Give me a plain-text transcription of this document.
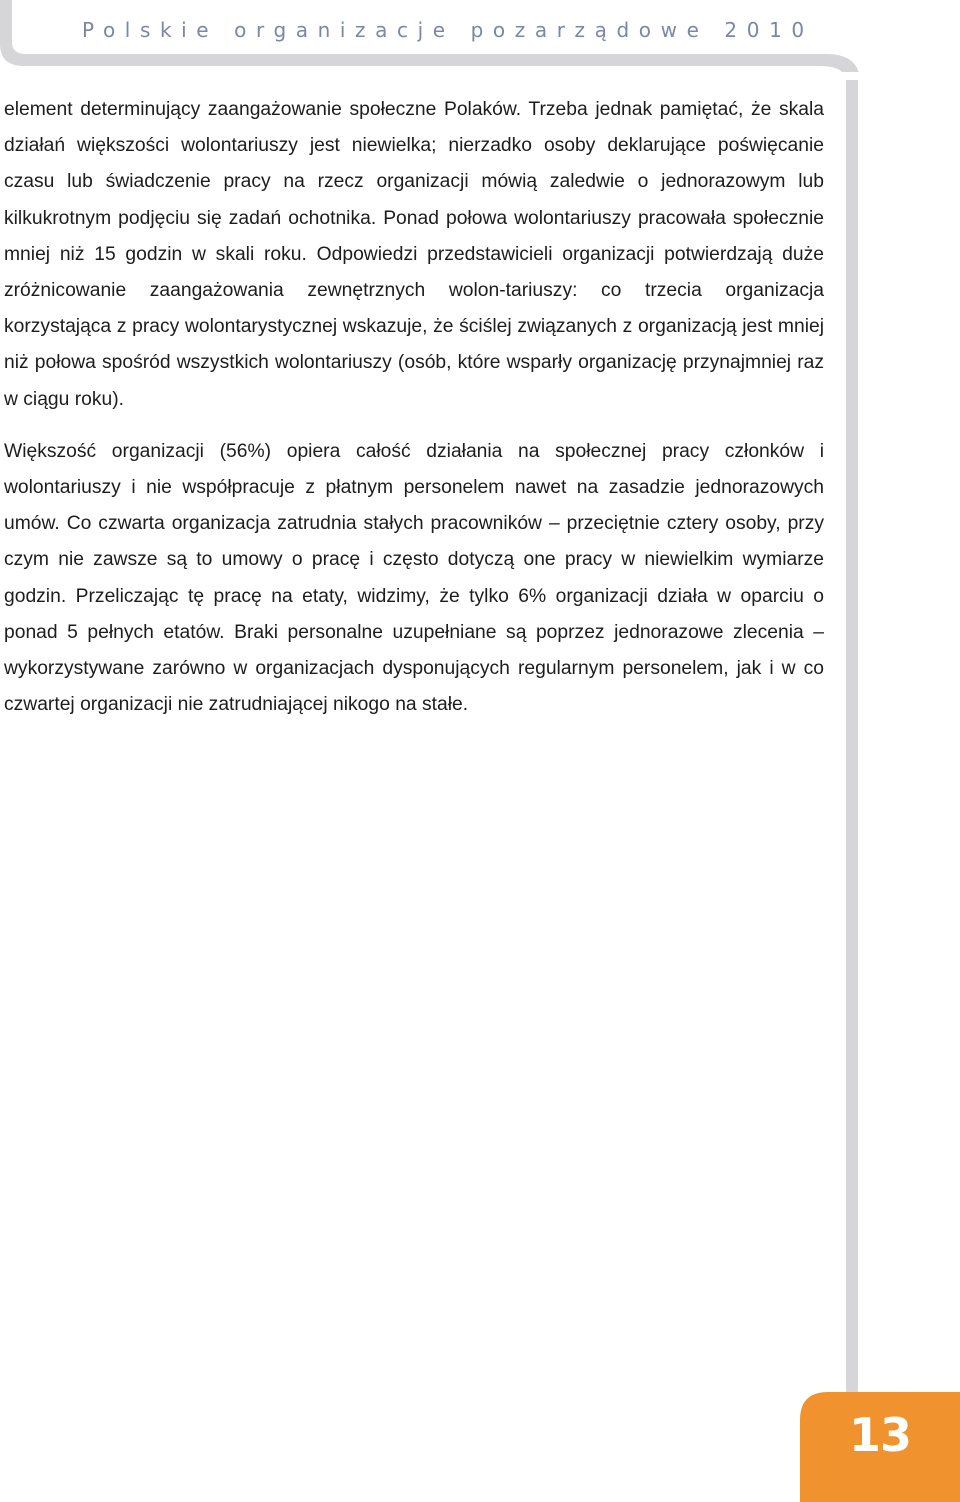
Polskie organizacje pozarządowe 2010
13

element determinujący zaangażowanie społeczne Polaków. Trzeba jednak pamiętać, że skala działań większości wolontariuszy jest niewielka; nierzadko osoby deklarujące poświęcanie czasu lub świadczenie pracy na rzecz organizacji mówią zaledwie o jednorazowym lub kilkukrotnym podjęciu się zadań ochotnika. Ponad połowa wolontariuszy pracowała społecznie mniej niż 15 godzin w skali roku. Odpowiedzi przedstawicieli organizacji potwierdzają duże zróżnicowanie zaangażowania zewnętrznych wolon-tariuszy: co trzecia organizacja korzystająca z pracy wolontarystycznej wskazuje, że ściślej związanych z organizacją jest mniej niż połowa spośród wszystkich wolontariuszy (osób, które wsparły organizację przynajmniej raz w ciągu roku).

Większość organizacji (56%) opiera całość działania na społecznej pracy członków i wolontariuszy i nie współpracuje z płatnym personelem nawet na zasadzie jednorazowych umów. Co czwarta organizacja zatrudnia stałych pracowników – przeciętnie cztery osoby, przy czym nie zawsze są to umowy o pracę i często dotyczą one pracy w niewielkim wymiarze godzin. Przeliczając tę pracę na etaty, widzimy, że tylko 6% organizacji działa w oparciu o ponad 5 pełnych etatów. Braki personalne uzupełniane są poprzez jednorazowe zlecenia – wykorzystywane zarówno w organizacjach dysponujących regularnym personelem, jak i w co czwartej organizacji nie zatrudniającej nikogo na stałe.
